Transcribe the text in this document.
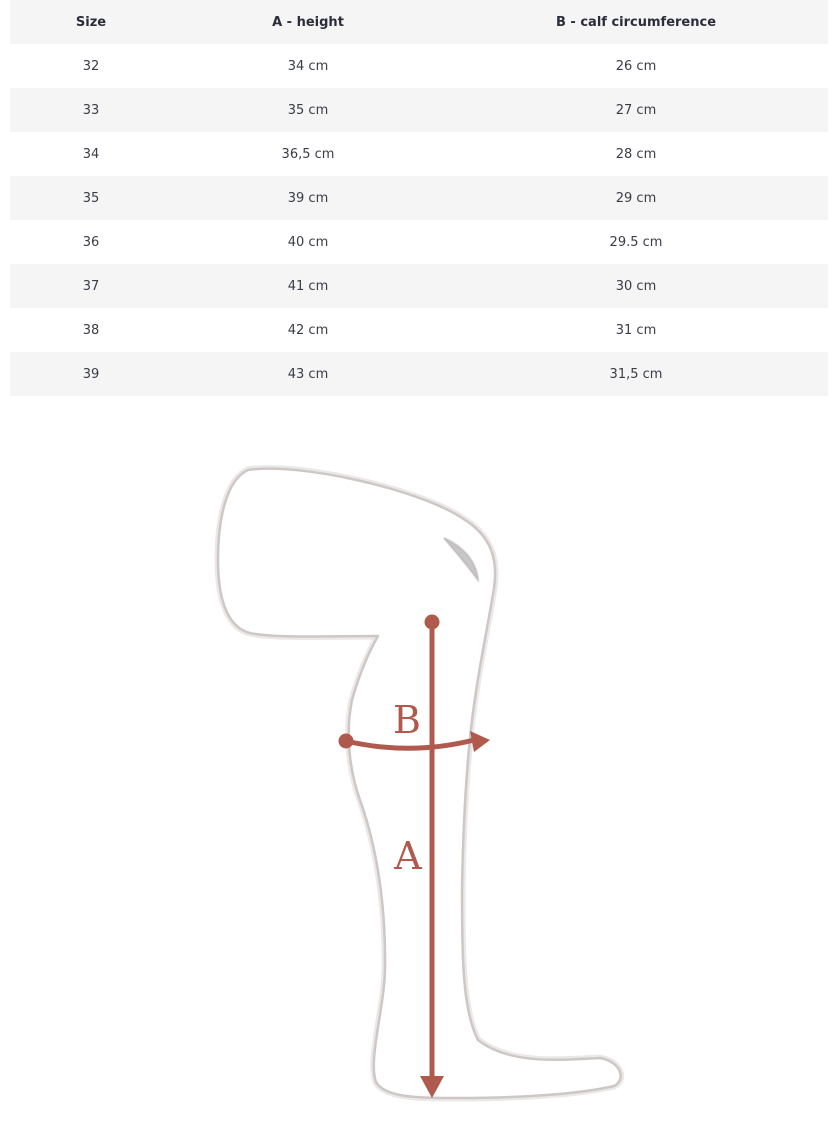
Size	A - height	B - calf circumference
32	34 cm	26 cm
33	35 cm	27 cm
34	36,5 cm	28 cm
35	39 cm	29 cm
36	40 cm	29.5 cm
37	41 cm	30 cm
38	42 cm	31 cm
39	43 cm	31,5 cm
B
A
